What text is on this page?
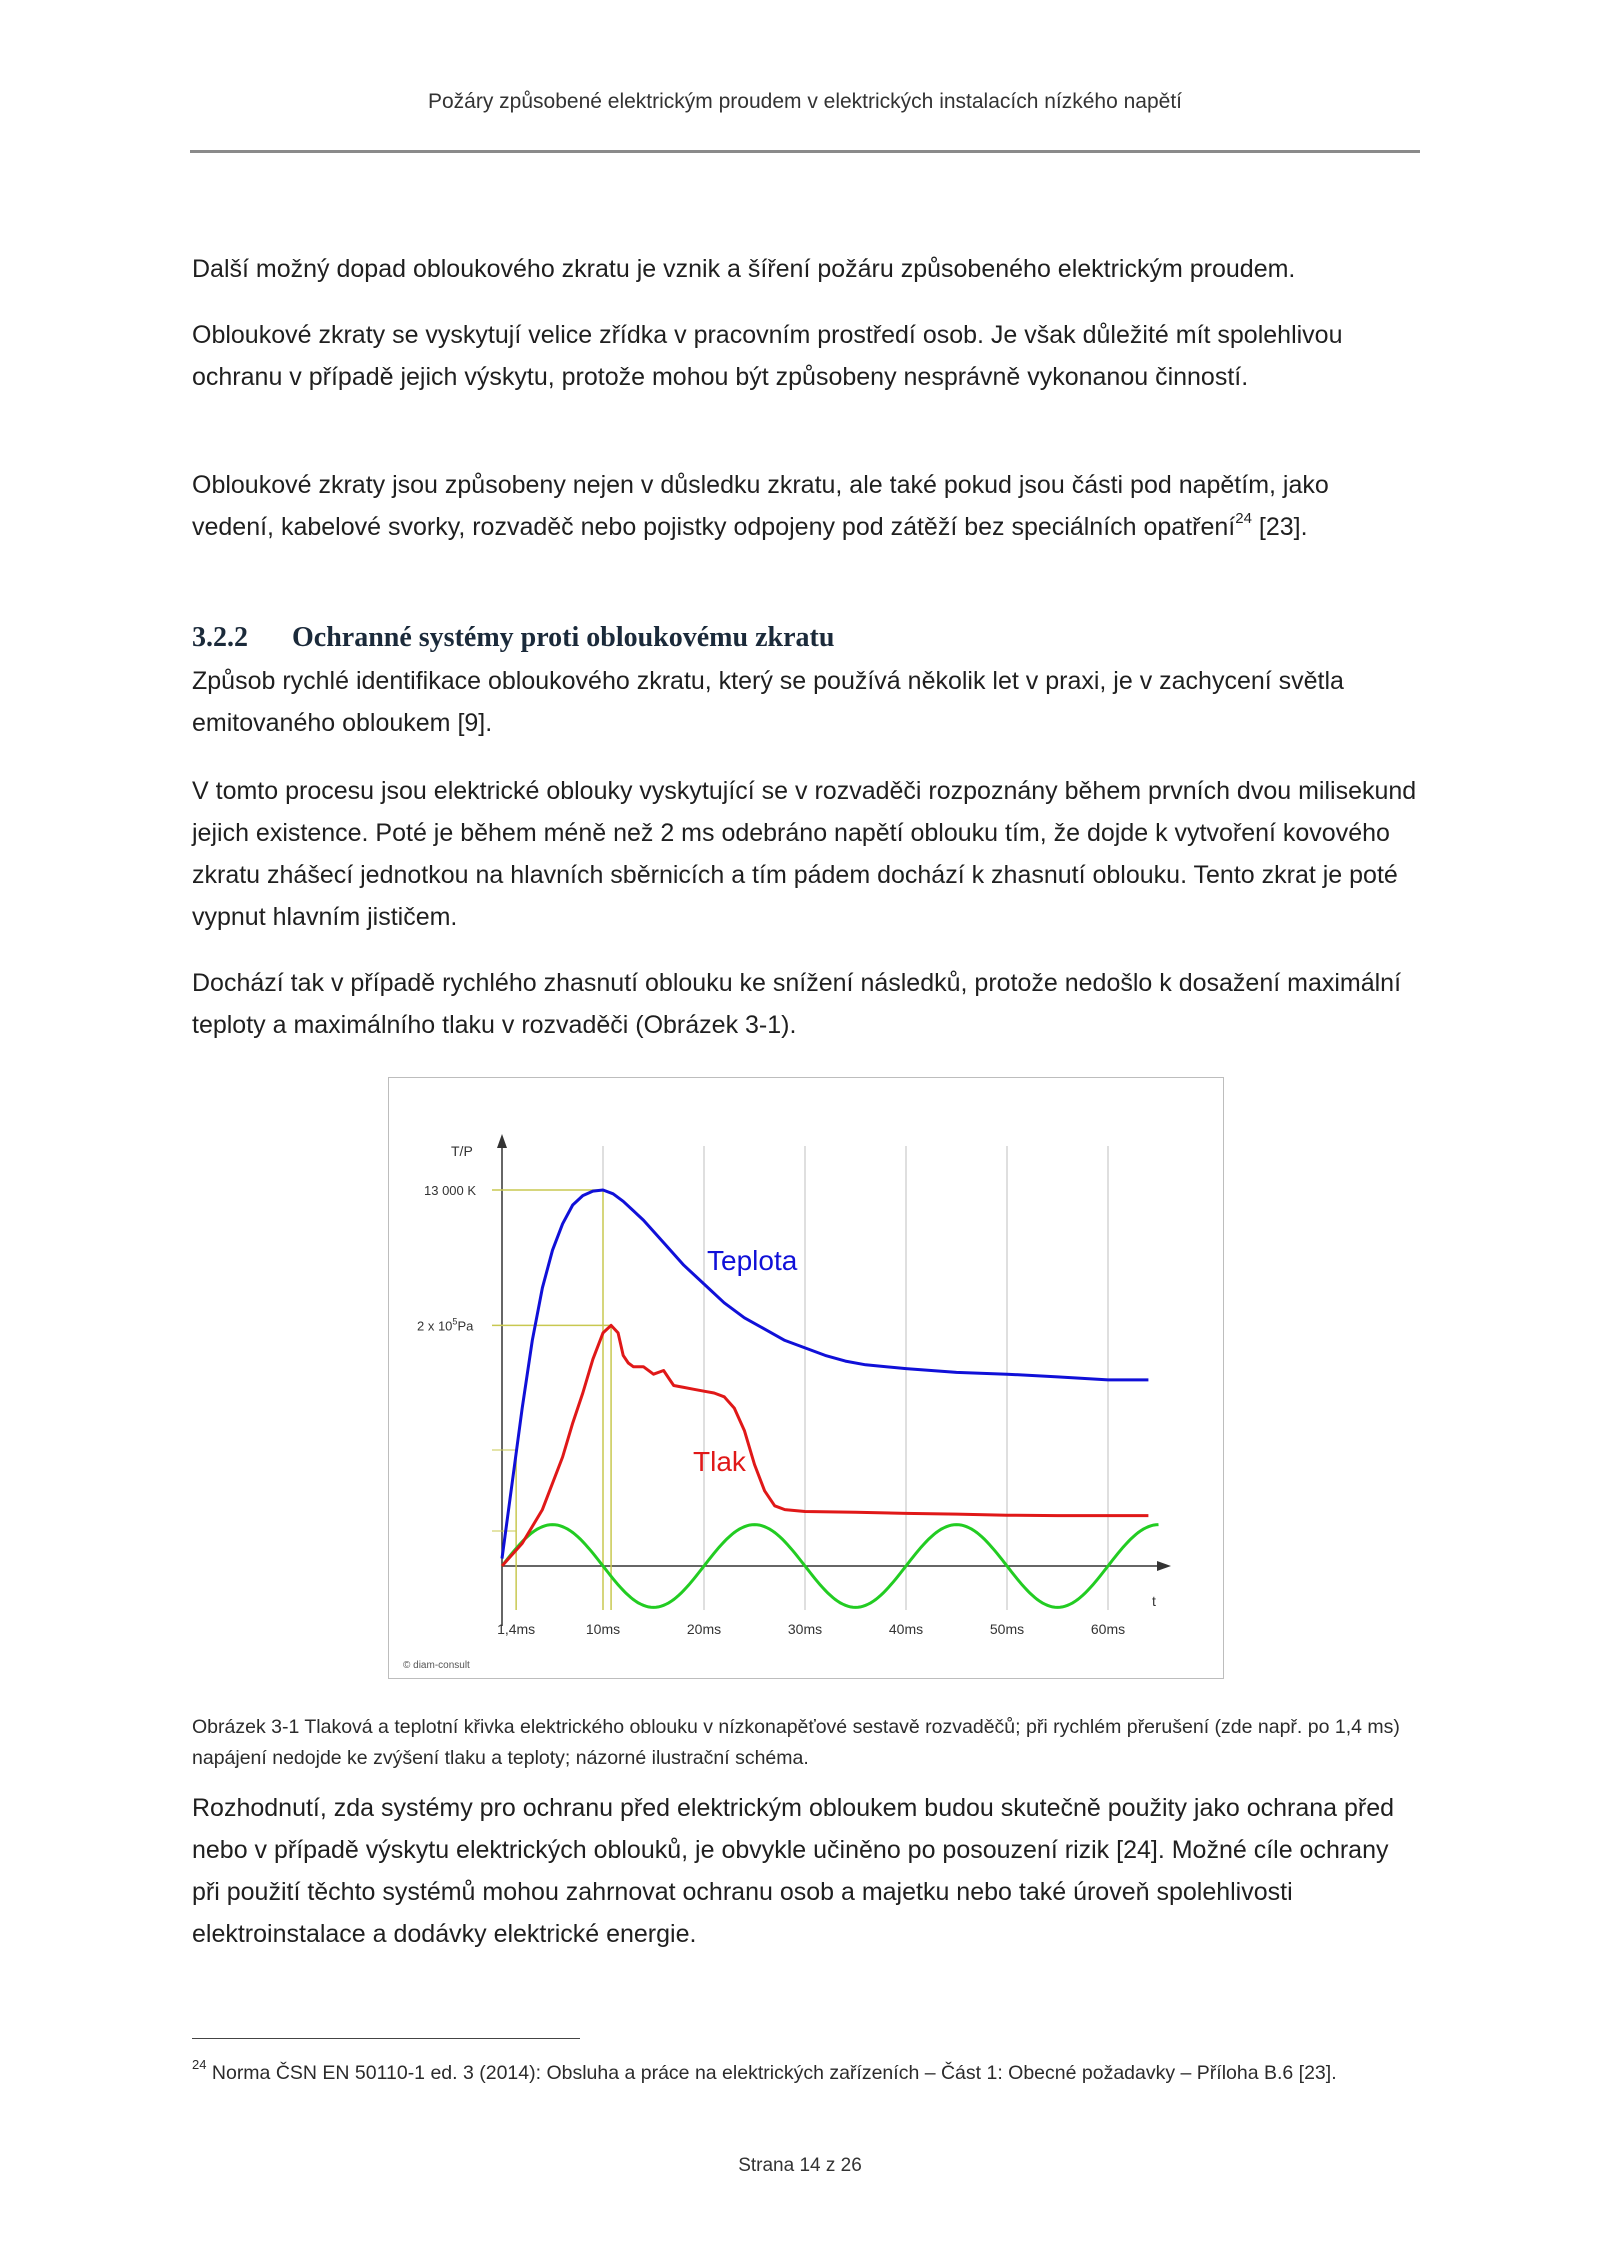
Požáry způsobené elektrickým proudem v elektrických instalacích nízkého napětí

Další možný dopad obloukového zkratu je vznik a šíření požáru způsobeného elektrickým proudem.

Obloukové zkraty se vyskytují velice zřídka v pracovním prostředí osob. Je však důležité mít spolehlivou ochranu v případě jejich výskytu, protože mohou být způsobeny nesprávně vykonanou činností.

Obloukové zkraty jsou způsobeny nejen v důsledku zkratu, ale také pokud jsou části pod napětím, jako vedení, kabelové svorky, rozvaděč nebo pojistky odpojeny pod zátěží bez speciálních opatření$^{24}$ [23].

3.2.2 Ochranné systémy proti obloukovému zkratu

Způsob rychlé identifikace obloukového zkratu, který se používá několik let v praxi, je v zachycení světla emitovaného obloukem [9].

V tomto procesu jsou elektrické oblouky vyskytující se v rozvaděči rozpoznány během prvních dvou milisekund jejich existence. Poté je během méně než 2 ms odebráno napětí oblouku tím, že dojde k vytvoření kovového zkratu zhášecí jednotkou na hlavních sběrnicích a tím pádem dochází k zhasnutí oblouku. Tento zkrat je poté vypnut hlavním jističem.

Dochází tak v případě rychlého zhasnutí oblouku ke snížení následků, protože nedošlo k dosažení maximální teploty a maximálního tlaku v rozvaděči (Obrázek 3-1).

T/P
t
13 000 K
2 x $10^5Pa$
1,4ms	10ms	20ms	30ms	40ms	50ms	60ms
Teplota
Tlak
© diam-consult
Obrázek 3-1 Tlaková a teplotní křivka elektrického oblouku v nízkonapěťové sestavě rozvaděčů; při rychlém přerušení (zde např. po 1,4 ms) napájení nedojde ke zvýšení tlaku a teploty; názorné ilustrační schéma.

Rozhodnutí, zda systémy pro ochranu před elektrickým obloukem budou skutečně použity jako ochrana před nebo v případě výskytu elektrických oblouků, je obvykle učiněno po posouzení rizik [24]. Možné cíle ochrany při použití těchto systémů mohou zahrnovat ochranu osob a majetku nebo také úroveň spolehlivosti elektroinstalace a dodávky elektrické energie.

$^{24}$ Norma ČSN EN 50110-1 ed. 3 (2014): Obsluha a práce na elektrických zařízeních – Část 1: Obecné požadavky – Příloha B.6 [23].
Strana 14 z 26
